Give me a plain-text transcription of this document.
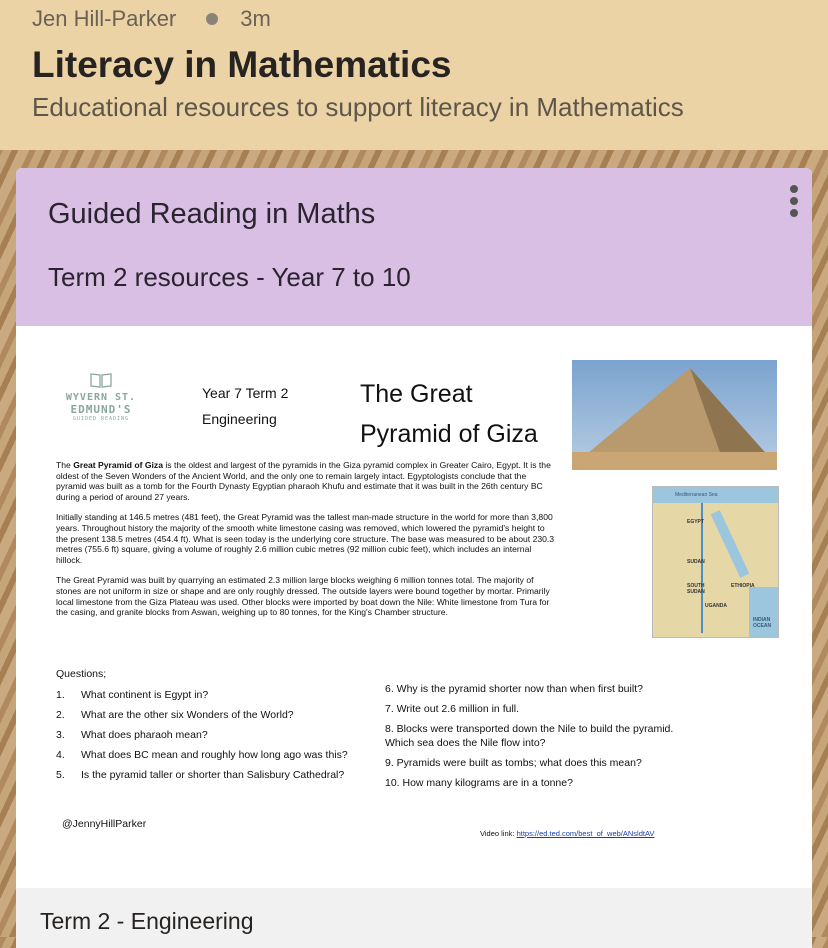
Jen Hill-Parker	3m
Literacy in Mathematics
Educational resources to support literacy in Mathematics
Guided Reading in Maths
Term 2 resources - Year 7 to 10
WYVERN ST.
EDMUND'S
GUIDED READING
Year 7 Term 2
Engineering
The Great Pyramid of Giza
Mediterranean Sea
EGYPT
SUDAN
SOUTH SUDAN
ETHIOPIA
UGANDA
INDIAN OCEAN

The Great Pyramid of Giza is the oldest and largest of the pyramids in the Giza pyramid complex in Greater Cairo, Egypt. It is the oldest of the Seven Wonders of the Ancient World, and the only one to remain largely intact. Egyptologists conclude that the pyramid was built as a tomb for the Fourth Dynasty Egyptian pharaoh Khufu and estimate that it was built in the 26th century BC during a period of around 27 years.

Initially standing at 146.5 metres (481 feet), the Great Pyramid was the tallest man-made structure in the world for more than 3,800 years. Throughout history the majority of the smooth white limestone casing was removed, which lowered the pyramid's height to the present 138.5 metres (454.4 ft). What is seen today is the underlying core structure. The base was measured to be about 230.3 metres (755.6 ft) square, giving a volume of roughly 2.6 million cubic metres (92 million cubic feet), which includes an internal hillock.

The Great Pyramid was built by quarrying an estimated 2.3 million large blocks weighing 6 million tonnes total. The majority of stones are not uniform in size or shape and are only roughly dressed. The outside layers were bound together by mortar. Primarily local limestone from the Giza Plateau was used. Other blocks were imported by boat down the Nile: White limestone from Tura for the casing, and granite blocks from Aswan, weighing up to 80 tonnes, for the King's Chamber structure.

Questions;
1. What continent is Egypt in?
2. What are the other six Wonders of the World?
3. What does pharaoh mean?
4. What does BC mean and roughly how long ago was this?
5. Is the pyramid taller or shorter than Salisbury Cathedral?
6. Why is the pyramid shorter now than when first built?
7. Write out 2.6 million in full.
8. Blocks were transported down the Nile to build the pyramid. Which sea does the Nile flow into?
9. Pyramids were built as tombs; what does this mean?
10. How many kilograms are in a tonne?
@JennyHillParker
Video link: https://ed.ted.com/best_of_web/ANsldtAV
Term 2 - Engineering
